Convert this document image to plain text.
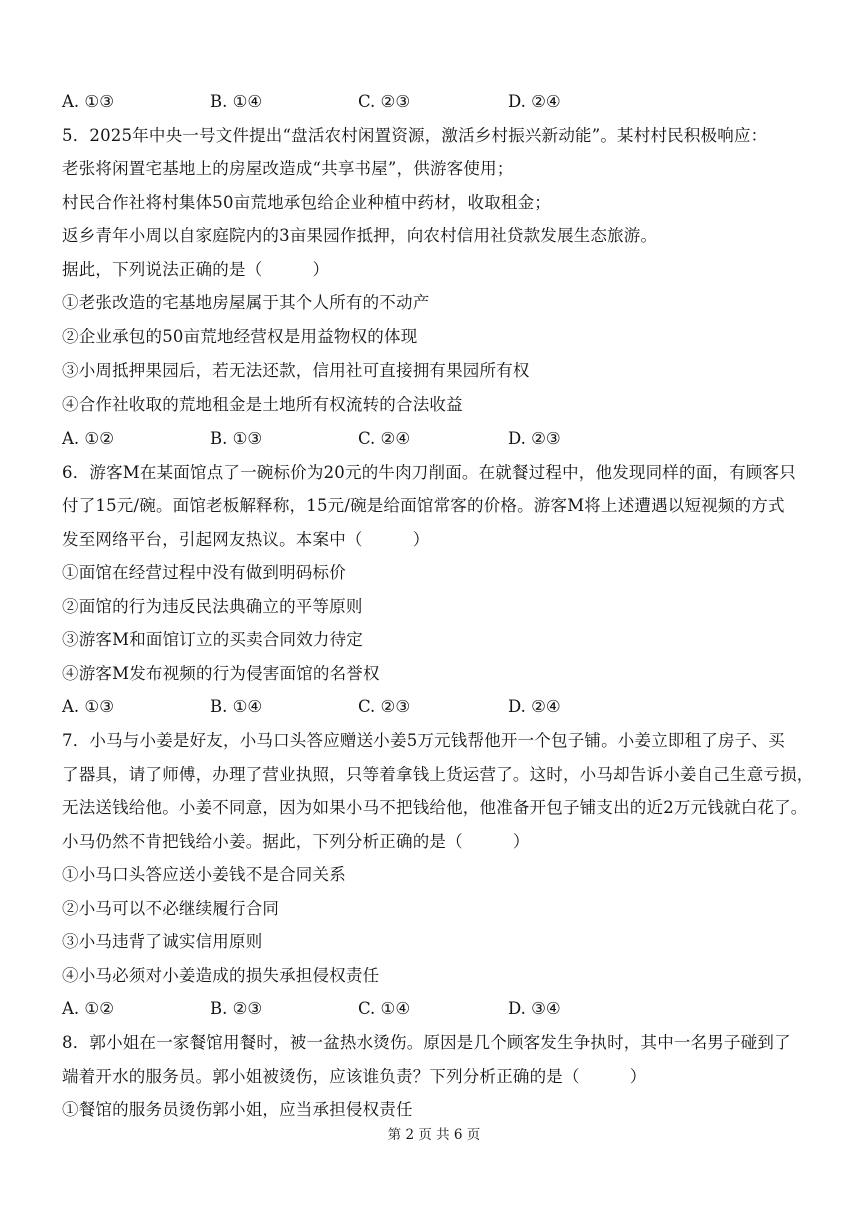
A. ①③	B. ①④	C. ②③	D. ②④
5．2025年中央一号文件提出“盘活农村闲置资源，激活乡村振兴新动能”。某村村民积极响应：
老张将闲置宅基地上的房屋改造成“共享书屋”，供游客使用；
村民合作社将村集体50亩荒地承包给企业种植中药材，收取租金；
返乡青年小周以自家庭院内的3亩果园作抵押，向农村信用社贷款发展生态旅游。
据此，下列说法正确的是（　　　）
①老张改造的宅基地房屋属于其个人所有的不动产
②企业承包的50亩荒地经营权是用益物权的体现
③小周抵押果园后，若无法还款，信用社可直接拥有果园所有权
④合作社收取的荒地租金是土地所有权流转的合法收益
A. ①②	B. ①③	C. ②④	D. ②③
6．游客M在某面馆点了一碗标价为20元的牛肉刀削面。在就餐过程中，他发现同样的面，有顾客只
付了15元/碗。面馆老板解释称，15元/碗是给面馆常客的价格。游客M将上述遭遇以短视频的方式
发至网络平台，引起网友热议。本案中（　　　）
①面馆在经营过程中没有做到明码标价
②面馆的行为违反民法典确立的平等原则
③游客M和面馆订立的买卖合同效力待定
④游客M发布视频的行为侵害面馆的名誉权
A. ①③	B. ①④	C. ②③	D. ②④
7．小马与小姜是好友，小马口头答应赠送小姜5万元钱帮他开一个包子铺。小姜立即租了房子、买
了器具，请了师傅，办理了营业执照，只等着拿钱上货运营了。这时，小马却告诉小姜自己生意亏损，
无法送钱给他。小姜不同意，因为如果小马不把钱给他，他准备开包子铺支出的近2万元钱就白花了。
小马仍然不肯把钱给小姜。据此，下列分析正确的是（　　　）
①小马口头答应送小姜钱不是合同关系
②小马可以不必继续履行合同
③小马违背了诚实信用原则
④小马必须对小姜造成的损失承担侵权责任
A. ①②	B. ②③	C. ①④	D. ③④
8．郭小姐在一家餐馆用餐时，被一盆热水烫伤。原因是几个顾客发生争执时，其中一名男子碰到了
端着开水的服务员。郭小姐被烫伤，应该谁负责？下列分析正确的是（　　　）
①餐馆的服务员烫伤郭小姐，应当承担侵权责任
第 2 页 共 6 页
